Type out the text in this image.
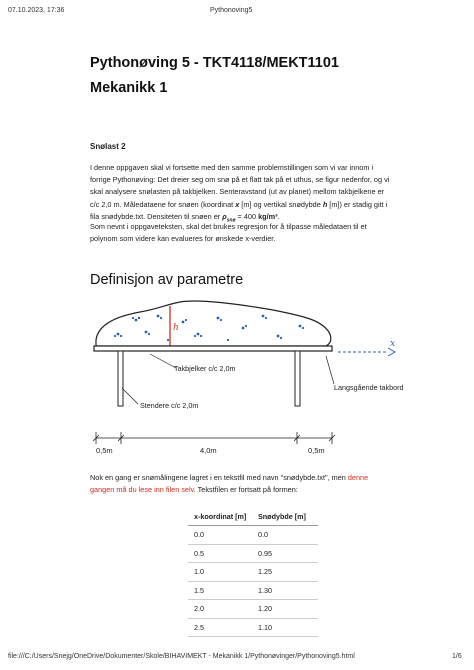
07.10.2023, 17:36	Pythonoving5
Pythonøving 5 - TKT4118/MEKT1101
Mekanikk 1
Snølast 2

I denne oppgaven skal vi fortsette med den samme problemstillingen som vi var innom i forrige Pythonøving: Det dreier seg om snø på et flatt tak på et uthus, se figur nedenfor, og vi skal analysere snølasten på takbjelken. Senteravstand (ut av planet) mellom takbjelkene er c/c 2,0 m. Måledataene for snøen (koordinat x [m] og vertikal snødybde h [m]) er stadig gitt i fila snødybde.txt. Densiteten til snøen er $\rho_{snø} = 400$ kg/m³.

Som nevnt i oppgaveteksten, skal det brukes regresjon for å tilpasse måledataen til et polynom som videre kan evalueres for ønskede x-verdier.

Definisjon av parametre
h
x
Takbjelker c/c 2,0m
Langsgående takbord
Stendere c/c 2,0m
0,5m	4,0m	0,5m

Nok en gang er snømålingene lagret i en tekstfil med navn "snødybde.txt", men denne gangen må du lese inn filen selv. Tekstfilen er fortsatt på formen:

x-koordinat [m]	Snødybde [m]
0.0	0.0
0.5	0.95
1.0	1.25
1.5	1.30
2.0	1.20
2.5	1.10
file:///C:/Users/Snejg/OneDrive/Dokumenter/Skole/BIHAVIMEKT - Mekanikk 1/Pythonøvinger/Pythonoving5.html	1/6
